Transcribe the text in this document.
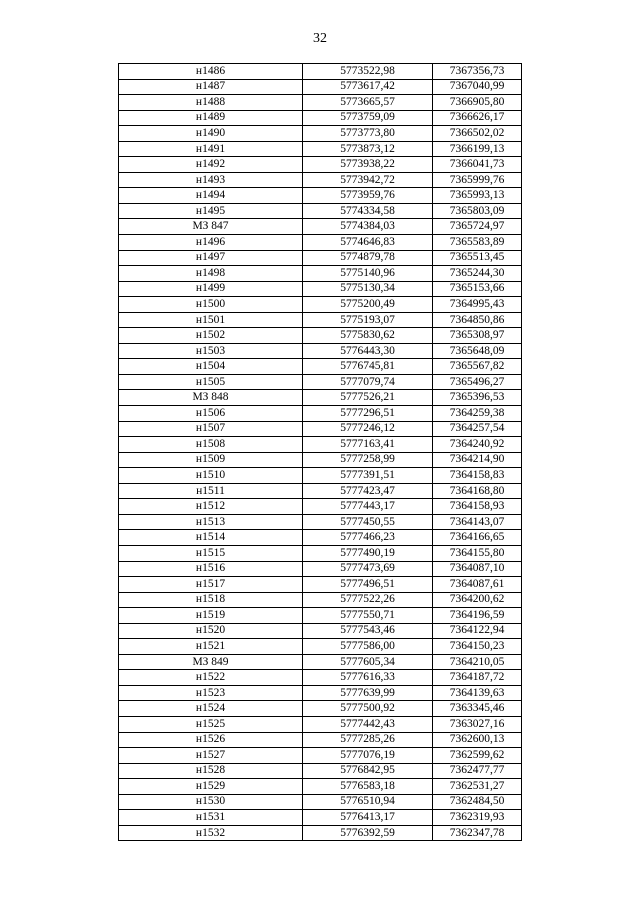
32
н1486	5773522,98	7367356,73
н1487	5773617,42	7367040,99
н1488	5773665,57	7366905,80
н1489	5773759,09	7366626,17
н1490	5773773,80	7366502,02
н1491	5773873,12	7366199,13
н1492	5773938,22	7366041,73
н1493	5773942,72	7365999,76
н1494	5773959,76	7365993,13
н1495	5774334,58	7365803,09
МЗ 847	5774384,03	7365724,97
н1496	5774646,83	7365583,89
н1497	5774879,78	7365513,45
н1498	5775140,96	7365244,30
н1499	5775130,34	7365153,66
н1500	5775200,49	7364995,43
н1501	5775193,07	7364850,86
н1502	5775830,62	7365308,97
н1503	5776443,30	7365648,09
н1504	5776745,81	7365567,82
н1505	5777079,74	7365496,27
МЗ 848	5777526,21	7365396,53
н1506	5777296,51	7364259,38
н1507	5777246,12	7364257,54
н1508	5777163,41	7364240,92
н1509	5777258,99	7364214,90
н1510	5777391,51	7364158,83
н1511	5777423,47	7364168,80
н1512	5777443,17	7364158,93
н1513	5777450,55	7364143,07
н1514	5777466,23	7364166,65
н1515	5777490,19	7364155,80
н1516	5777473,69	7364087,10
н1517	5777496,51	7364087,61
н1518	5777522,26	7364200,62
н1519	5777550,71	7364196,59
н1520	5777543,46	7364122,94
н1521	5777586,00	7364150,23
МЗ 849	5777605,34	7364210,05
н1522	5777616,33	7364187,72
н1523	5777639,99	7364139,63
н1524	5777500,92	7363345,46
н1525	5777442,43	7363027,16
н1526	5777285,26	7362600,13
н1527	5777076,19	7362599,62
н1528	5776842,95	7362477,77
н1529	5776583,18	7362531,27
н1530	5776510,94	7362484,50
н1531	5776413,17	7362319,93
н1532	5776392,59	7362347,78
